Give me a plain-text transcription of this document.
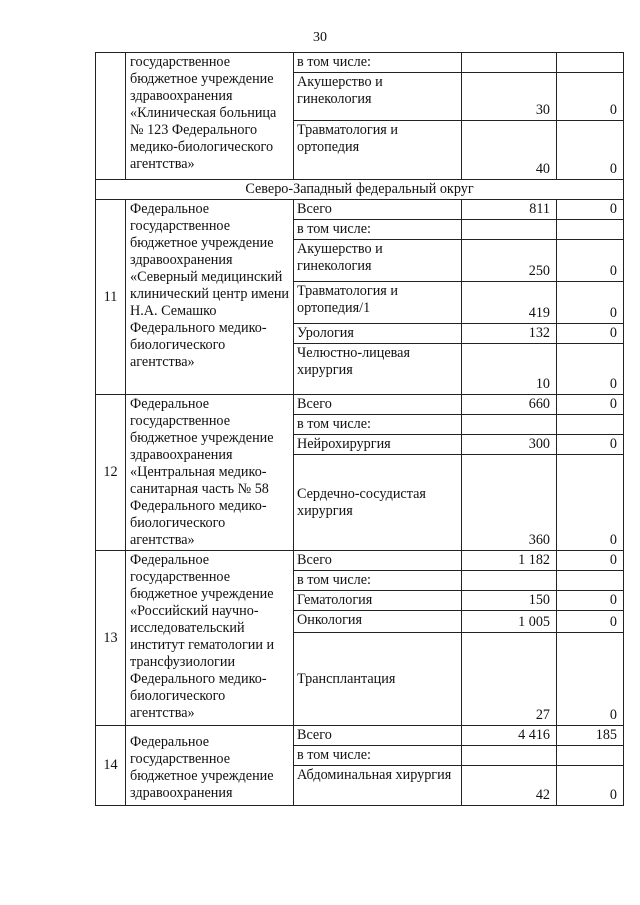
30
	государственное бюджетное учреждение здравоохранения «Клиническая больница № 123 Федерального медико-биологического агентства»	в том числе:		
		Акушерство и гинекология	30	0
		Травматология и ортопедия	40	0
Северо-Западный федеральный округ				
11	Федеральное государственное бюджетное учреждение здравоохранения «Северный медицинский клинический центр имени Н.А. Семашко Федерального медико-биологического агентства»	Всего	811	0
		в том числе:		
		Акушерство и гинекология	250	0
		Травматология и ортопедия/1	419	0
		Урология	132	0
		Челюстно-лицевая хирургия	10	0
12	Федеральное государственное бюджетное учреждение здравоохранения «Центральная медико-санитарная часть № 58 Федерального медико-биологического агентства»	Всего	660	0
		в том числе:		
		Нейрохирургия	300	0
		Сердечно-сосудистая хирургия	360	0
13	Федеральное государственное бюджетное учреждение «Российский научно-исследовательский институт гематологии и трансфузиологии Федерального медико-биологического агентства»	Всего	1 182	0
		в том числе:		
		Гематология	150	0
		Онкология	1 005	0
		Трансплантация	27	0
14	Федеральное государственное бюджетное учреждение здравоохранения	Всего	4 416	185
		в том числе:		
		Абдоминальная хирургия	42	0
